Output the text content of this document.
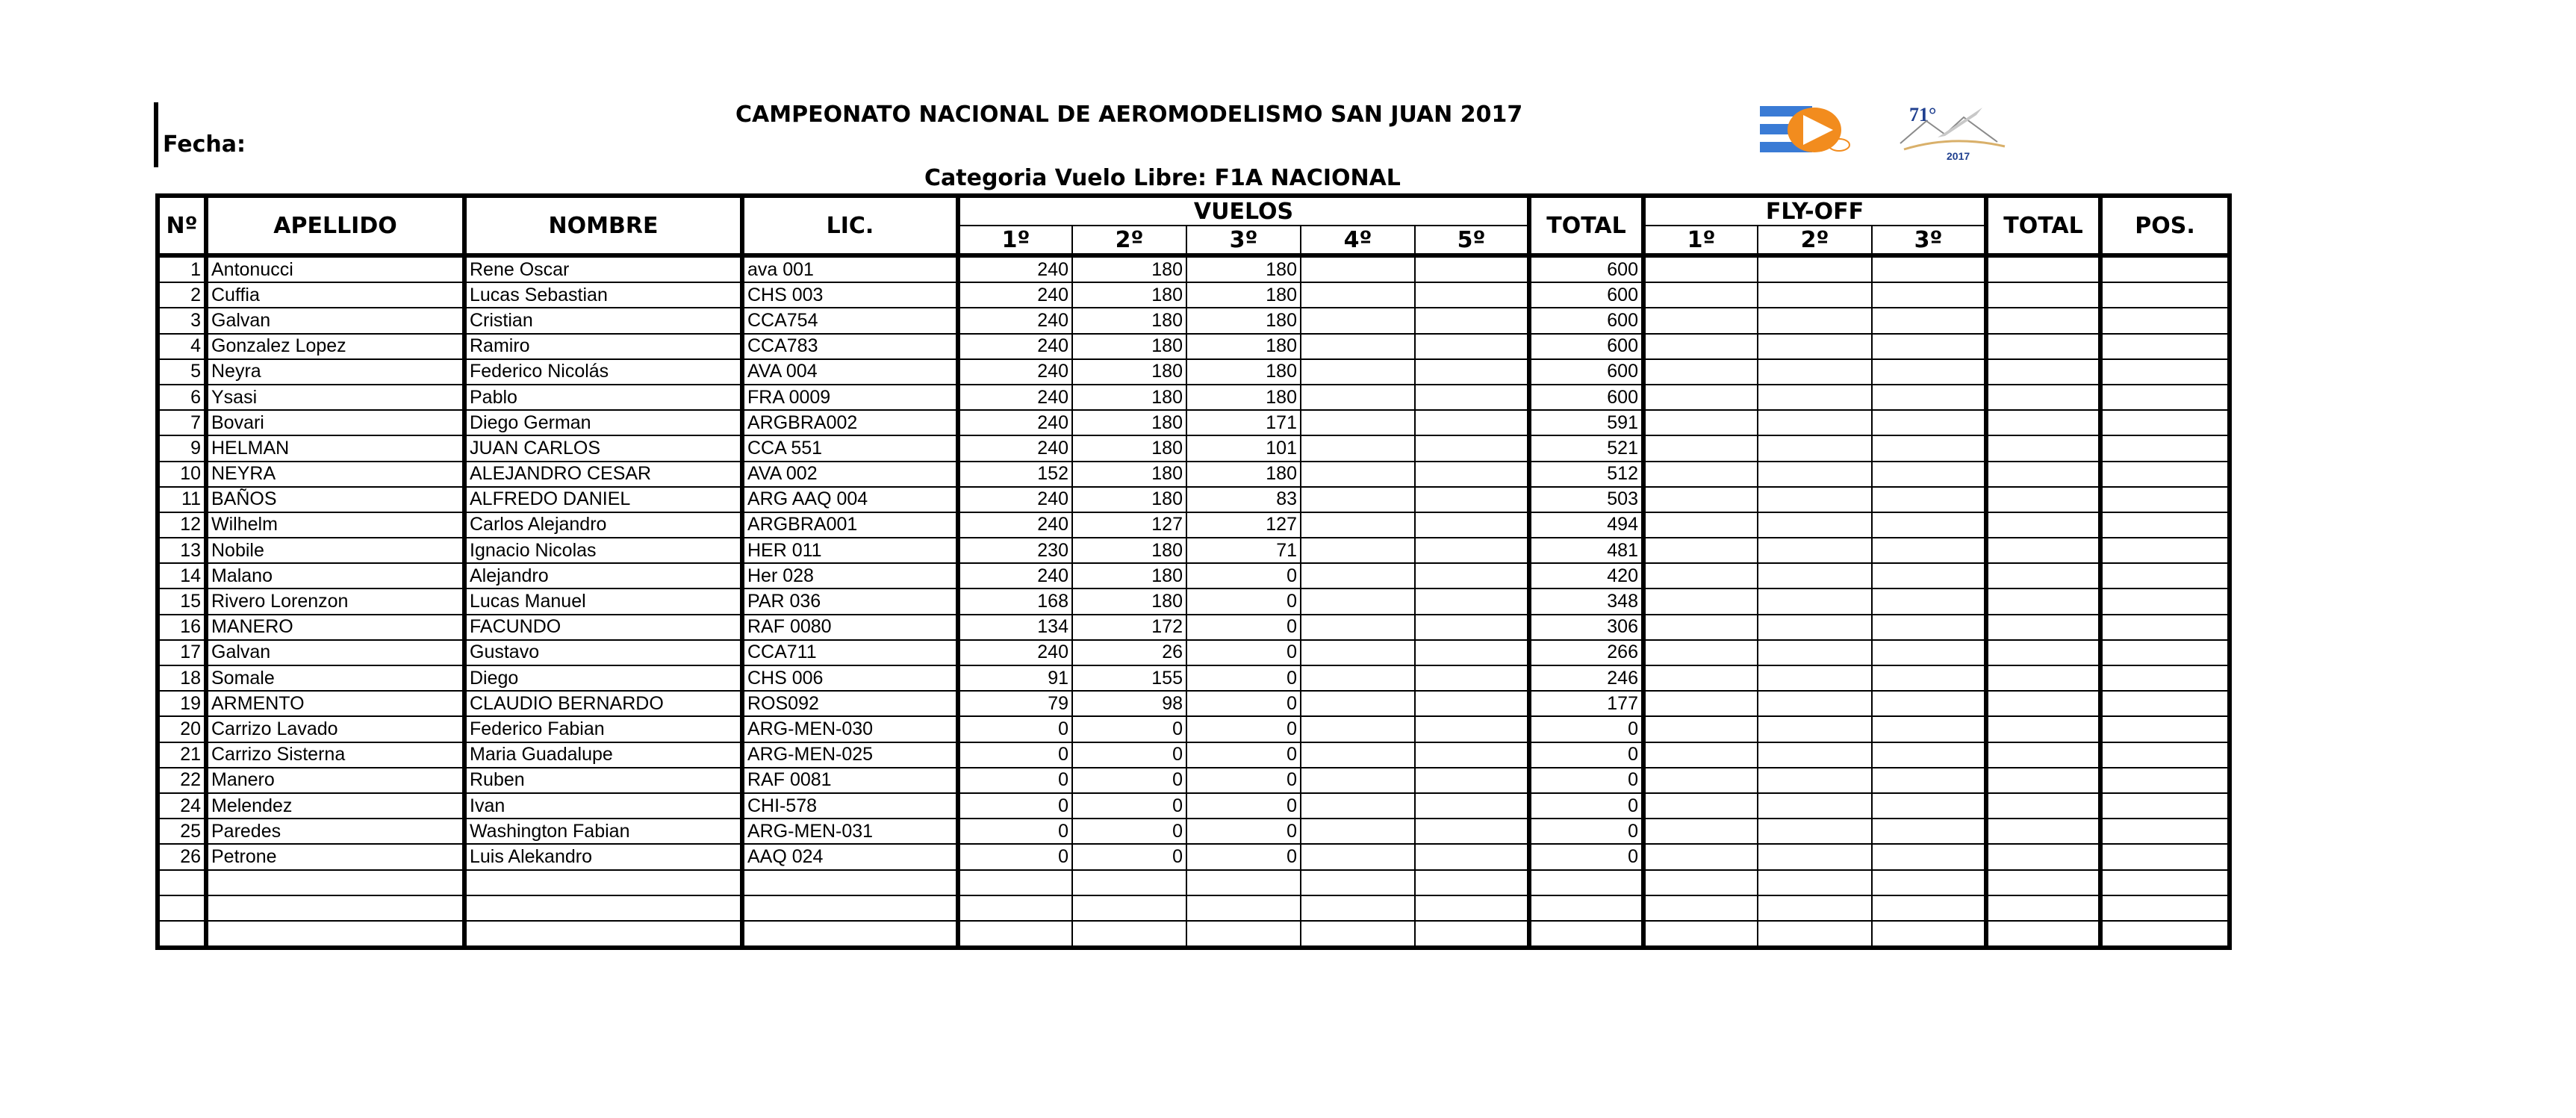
Fecha:
CAMPEONATO NACIONAL DE AEROMODELISMO SAN JUAN 2017
Categoria Vuelo Libre: F1A NACIONAL
71°
2017
Nº	APELLIDO	NOMBRE	LIC.	VUELOS					TOTAL	FLY-OFF			TOTAL	POS.
				1º	2º	3º	4º	5º		1º	2º	3º		
1	Antonucci	Rene Oscar	ava 001	240	180	180			600					
2	Cuffia	Lucas Sebastian	CHS 003	240	180	180			600					
3	Galvan	Cristian	CCA754	240	180	180			600					
4	Gonzalez Lopez	Ramiro	CCA783	240	180	180			600					
5	Neyra	Federico Nicolás	AVA 004	240	180	180			600					
6	Ysasi	Pablo	FRA 0009	240	180	180			600					
7	Bovari	Diego German	ARGBRA002	240	180	171			591					
9	HELMAN	JUAN CARLOS	CCA 551	240	180	101			521					
10	NEYRA	ALEJANDRO CESAR	AVA 002	152	180	180			512					
11	BAÑOS	ALFREDO DANIEL	ARG AAQ 004	240	180	83			503					
12	Wilhelm	Carlos Alejandro	ARGBRA001	240	127	127			494					
13	Nobile	Ignacio Nicolas	HER 011	230	180	71			481					
14	Malano	Alejandro	Her 028	240	180	0			420					
15	Rivero Lorenzon	Lucas Manuel	PAR 036	168	180	0			348					
16	MANERO	FACUNDO	RAF 0080	134	172	0			306					
17	Galvan	Gustavo	CCA711	240	26	0			266					
18	Somale	Diego	CHS 006	91	155	0			246					
19	ARMENTO	CLAUDIO BERNARDO	ROS092	79	98	0			177					
20	Carrizo Lavado	Federico Fabian	ARG-MEN-030	0	0	0			0					
21	Carrizo Sisterna	Maria Guadalupe	ARG-MEN-025	0	0	0			0					
22	Manero	Ruben	RAF 0081	0	0	0			0					
24	Melendez	Ivan	CHI-578	0	0	0			0					
25	Paredes	Washington Fabian	ARG-MEN-031	0	0	0			0					
26	Petrone	Luis Alekandro	AAQ 024	0	0	0			0					
